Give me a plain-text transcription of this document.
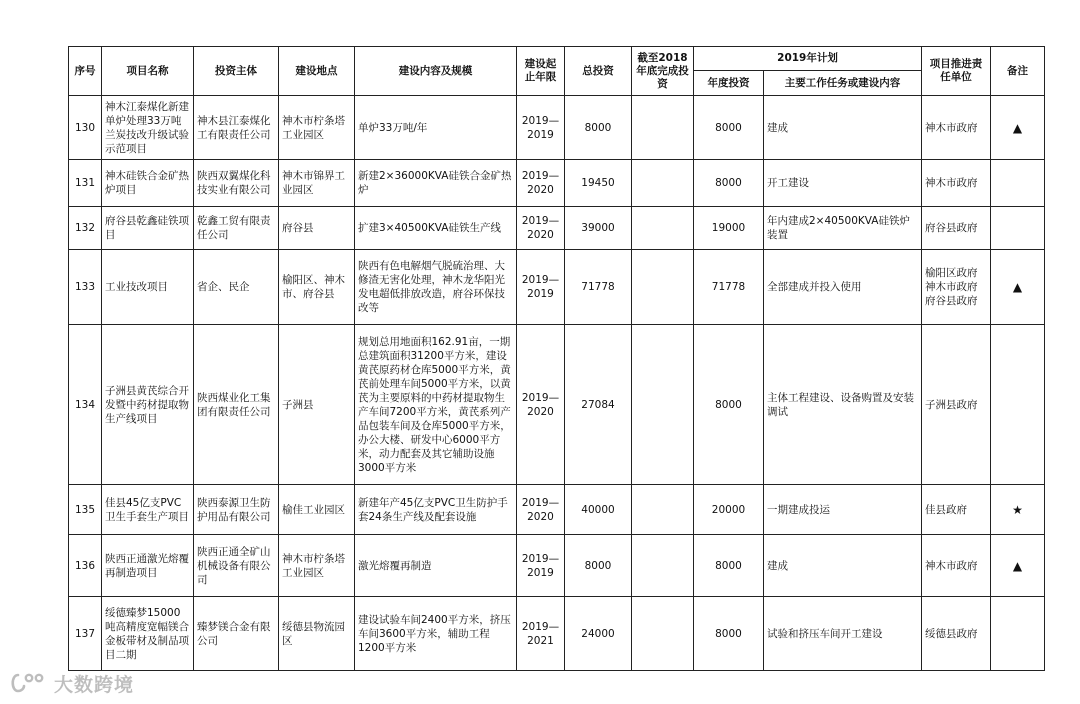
序号	项目名称	投资主体	建设地点	建设内容及规模	建设起止年限	总投资	截至2018年底完成投资	2019年计划		项目推进责任单位	备注
								年度投资	主要工作任务或建设内容		
130	神木江泰煤化新建单炉处理33万吨兰炭技改升级试验示范项目	神木县江泰煤化工有限责任公司	神木市柠条塔工业园区	单炉33万吨/年	2019—2019	8000		8000	建成	神木市政府	▲
131	神木硅铁合金矿热炉项目	陕西双翼煤化科技实业有限公司	神木市锦界工业园区	新建2×36000KVA硅铁合金矿热炉	2019—2020	19450		8000	开工建设	神木市政府	
132	府谷县乾鑫硅铁项目	乾鑫工贸有限责任公司	府谷县	扩建3×40500KVA硅铁生产线	2019—2020	39000		19000	年内建成2×40500KVA硅铁炉装置	府谷县政府	
133	工业技改项目	省企、民企	榆阳区、神木市、府谷县	陕西有色电解烟气脱硫治理、大修渣无害化处理，神木龙华阳光发电超低排放改造，府谷环保技改等	2019—2019	71778		71778	全部建成并投入使用	榆阳区政府 神木市政府 府谷县政府	▲
134	子洲县黄芪综合开发暨中药材提取物生产线项目	陕西煤业化工集团有限责任公司	子洲县	规划总用地面积162.91亩，一期总建筑面积31200平方米，建设黄芪原药材仓库5000平方米，黄芪前处理车间5000平方米，以黄芪为主要原料的中药材提取物生产车间7200平方米，黄芪系列产品包装车间及仓库5000平方米，办公大楼、研发中心6000平方米，动力配套及其它辅助设施3000平方米	2019—2020	27084		8000	主体工程建设、设备购置及安装调试	子洲县政府	
135	佳县45亿支PVC卫生手套生产项目	陕西泰源卫生防护用品有限公司	榆佳工业园区	新建年产45亿支PVC卫生防护手套24条生产线及配套设施	2019—2020	40000		20000	一期建成投运	佳县政府	★
136	陕西正通激光熔覆再制造项目	陕西正通全矿山机械设备有限公司	神木市柠条塔工业园区	激光熔覆再制造	2019—2019	8000		8000	建成	神木市政府	▲
137	绥德臻梦15000吨高精度宽幅镁合金板带材及制品项目二期	臻梦镁合金有限公司	绥德县物流园区	建设试验车间2400平方米，挤压车间3600平方米，辅助工程1200平方米	2019—2021	24000		8000	试验和挤压车间开工建设	绥德县政府	
大数跨境
